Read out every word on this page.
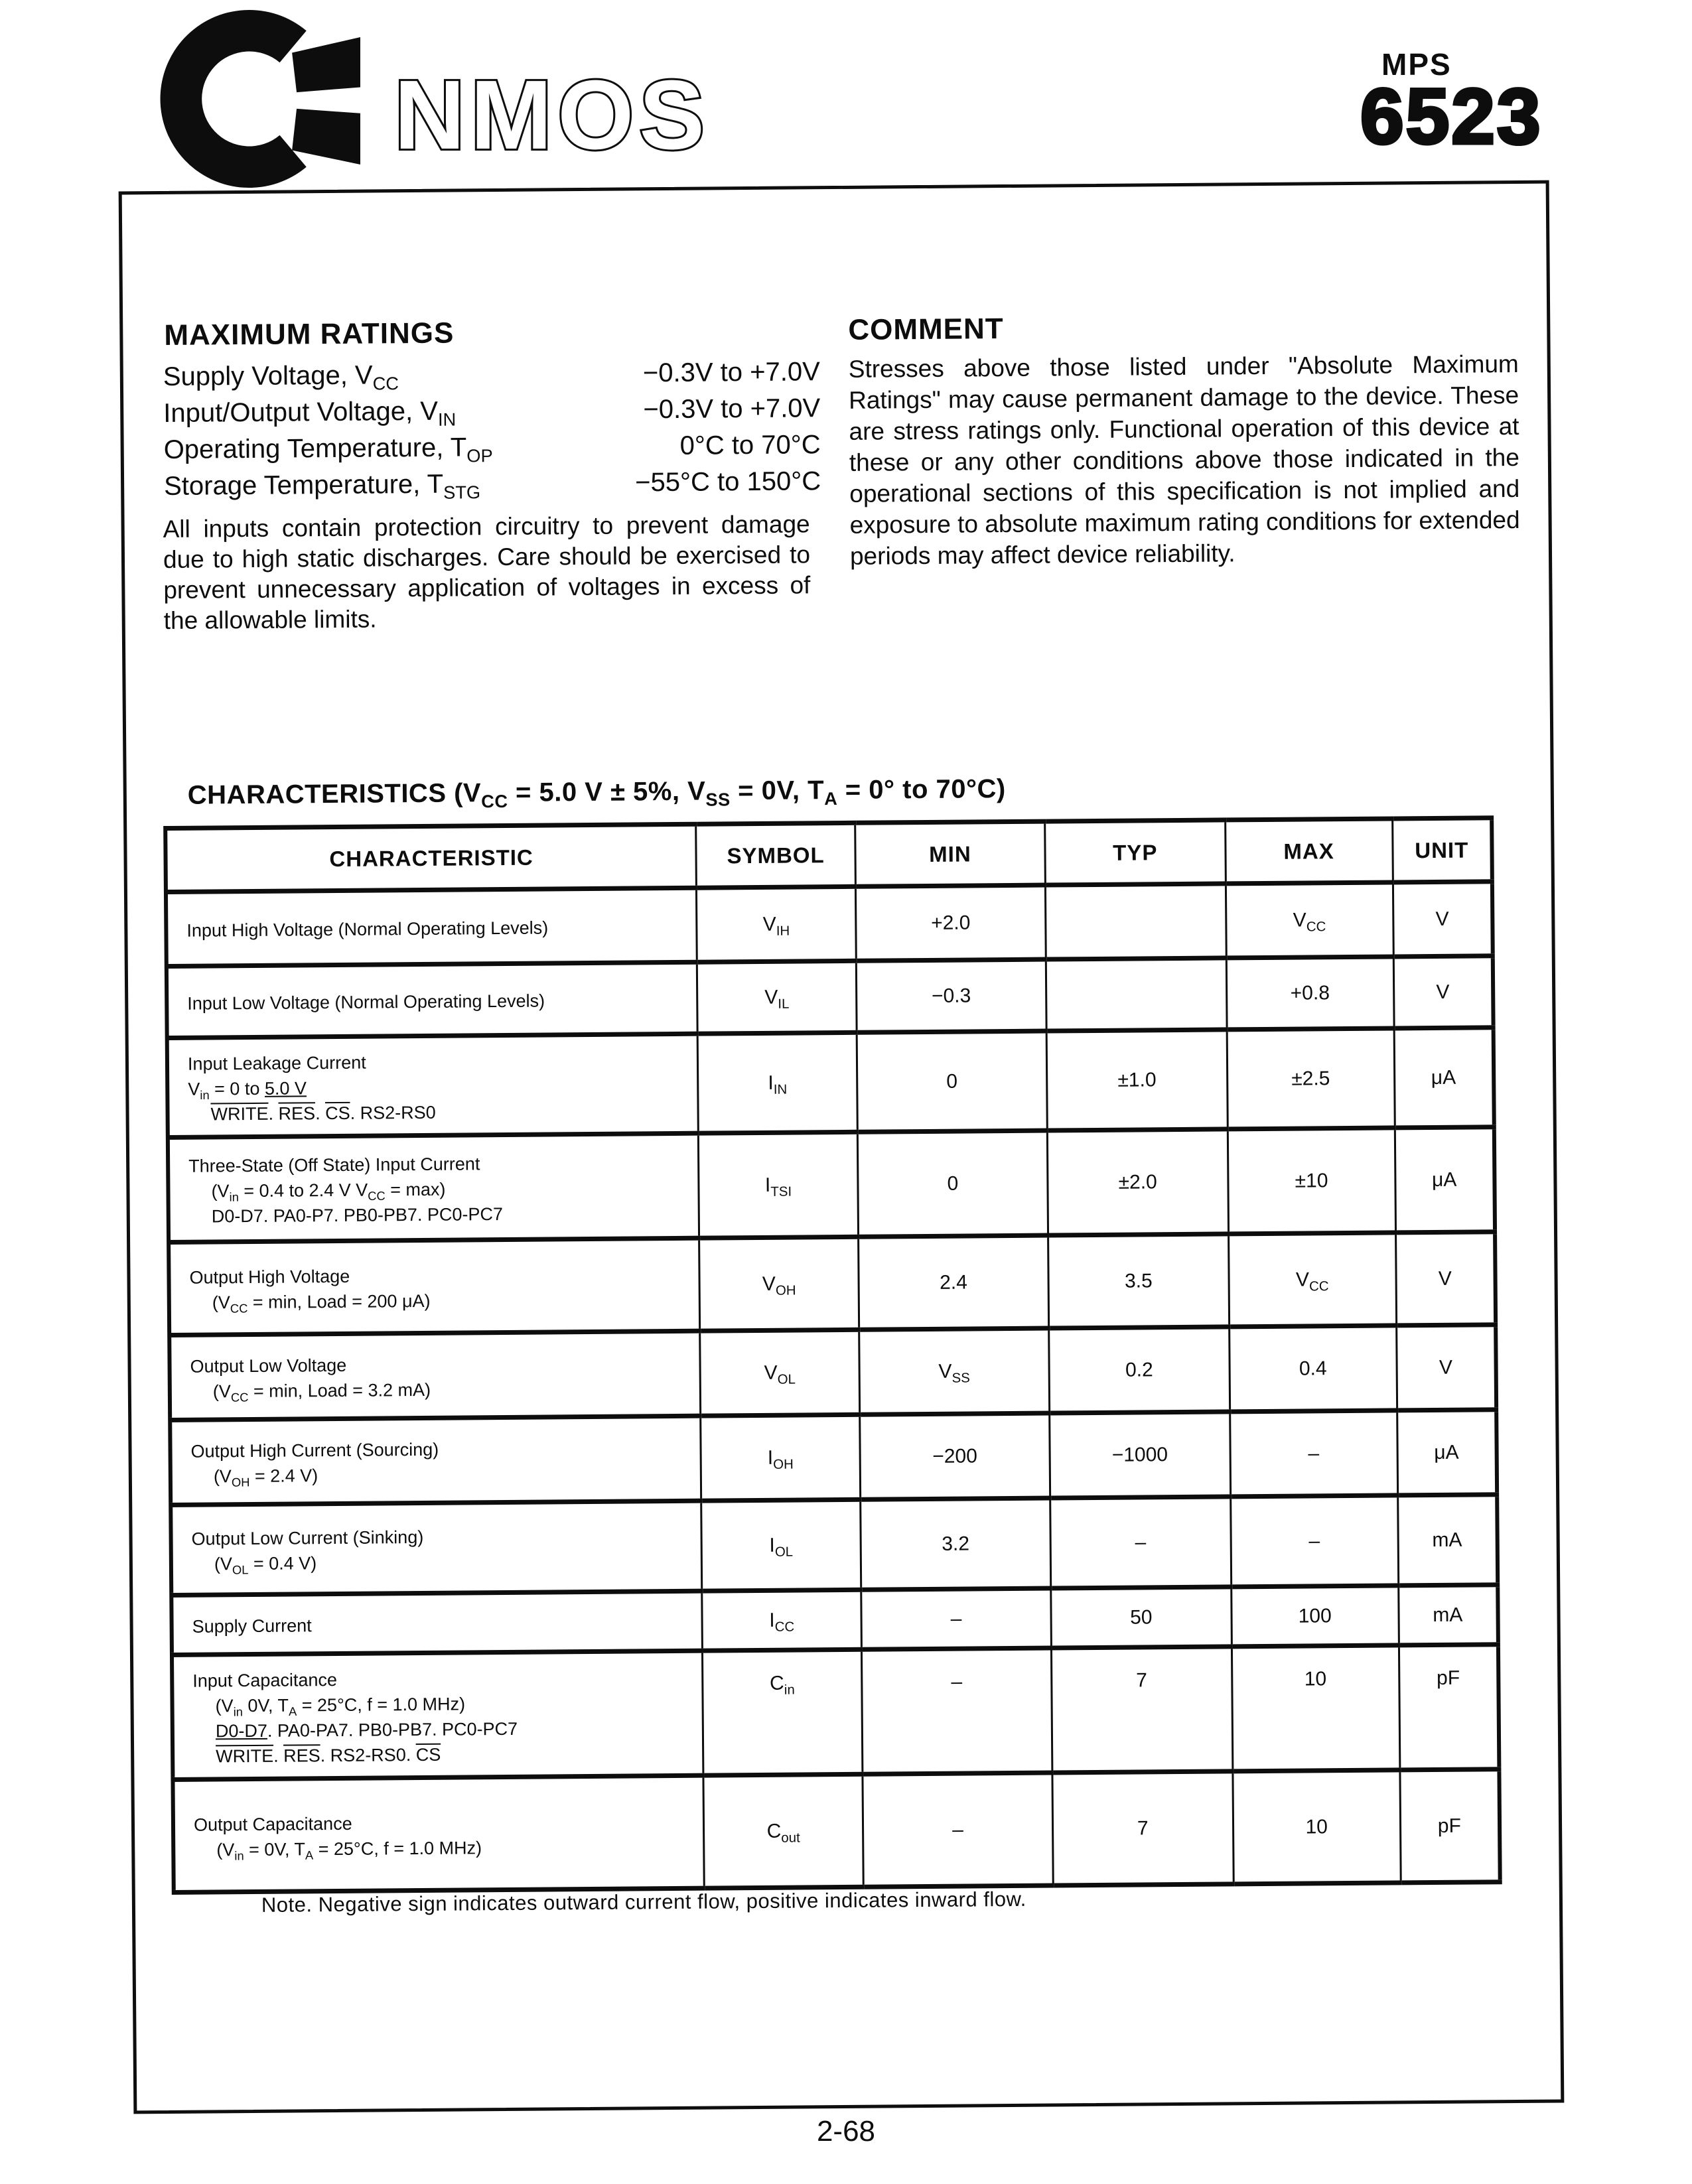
NMOS	MPS
6523
MAXIMUM RATINGS
Supply Voltage, $V_{CC}$	−0.3V to +7.0V
Input/Output Voltage, $V_{IN}$	−0.3V to +7.0V
Operating Temperature, $T_{OP}$	0°C to 70°C
Storage Temperature, $T_{STG}$	−55°C to 150°C
All inputs contain protection circuitry to prevent damage due to high static discharges. Care should be exercised to prevent unnecessary application of voltages in excess of the allowable limits.
COMMENT
Stresses above those listed under "Absolute Maximum Ratings" may cause permanent damage to the device. These are stress ratings only. Functional operation of this device at these or any other conditions above those indicated in the operational sections of this specification is not implied and exposure to absolute maximum rating conditions for extended periods may affect device reliability.
CHARACTERISTICS ($V_{CC} = 5.0$ V ± 5%, $V_{SS} = 0V$, $T_A = 0^\circ$ to 70°C)
CHARACTERISTIC	SYMBOL	MIN	TYP	MAX	UNIT

Input High Voltage (Normal Operating Levels)	$V_{IH}$	+2.0		$V_{CC}$	V

Input Low Voltage (Normal Operating Levels)	$V_{IL}$	−0.3		+0.8	V

Input Leakage Current
$V_{in} = 0$ to 5.0 V
WRITE. $\overline{RES}$. $\overline{CS}$. RS2-RS0	$I_{IN}$	0	±1.0	±2.5	μA

Three-State (Off State) Input Current
($V_{in} = 0.4$ to 2.4 V $V_{CC} = \max$)
D0-D7. PA0-P7. PB0-PB7. PC0-PC7	$I_{TSI}$	0	±2.0	±10	μA

Output High Voltage
($V_{CC} = \min$, Load = 200 μA)	$V_{OH}$	2.4	3.5	$V_{CC}$	V

Output Low Voltage
($V_{CC} = \min$, Load = 3.2 mA)	$V_{OL}$	$V_{SS}$	0.2	0.4	V

Output High Current (Sourcing)
($V_{OH} = 2.4$ V)	$I_{OH}$	−200	−1000	–	μA

Output Low Current (Sinking)
($V_{OL} = 0.4$ V)	$I_{OL}$	3.2	–	–	mA

Supply Current	$I_{CC}$	–	50	100	mA

Input Capacitance
($V_{in}$ 0V, $T_A = 25^\circ C$, f = 1.0 MHz)
D0-D7. PA0-PA7. PB0-PB7. PC0-PC7
WRITE. $\overline{RES}$. RS2-RS0. $\overline{CS}$	$C_{in}$	–	7	10	pF

Output Capacitance
($V_{in} = 0V$, $T_A = 25^\circ C$, f = 1.0 MHz)	$C_{out}$	–	7	10	pF
Note. Negative sign indicates outward current flow, positive indicates inward flow.
2-68
